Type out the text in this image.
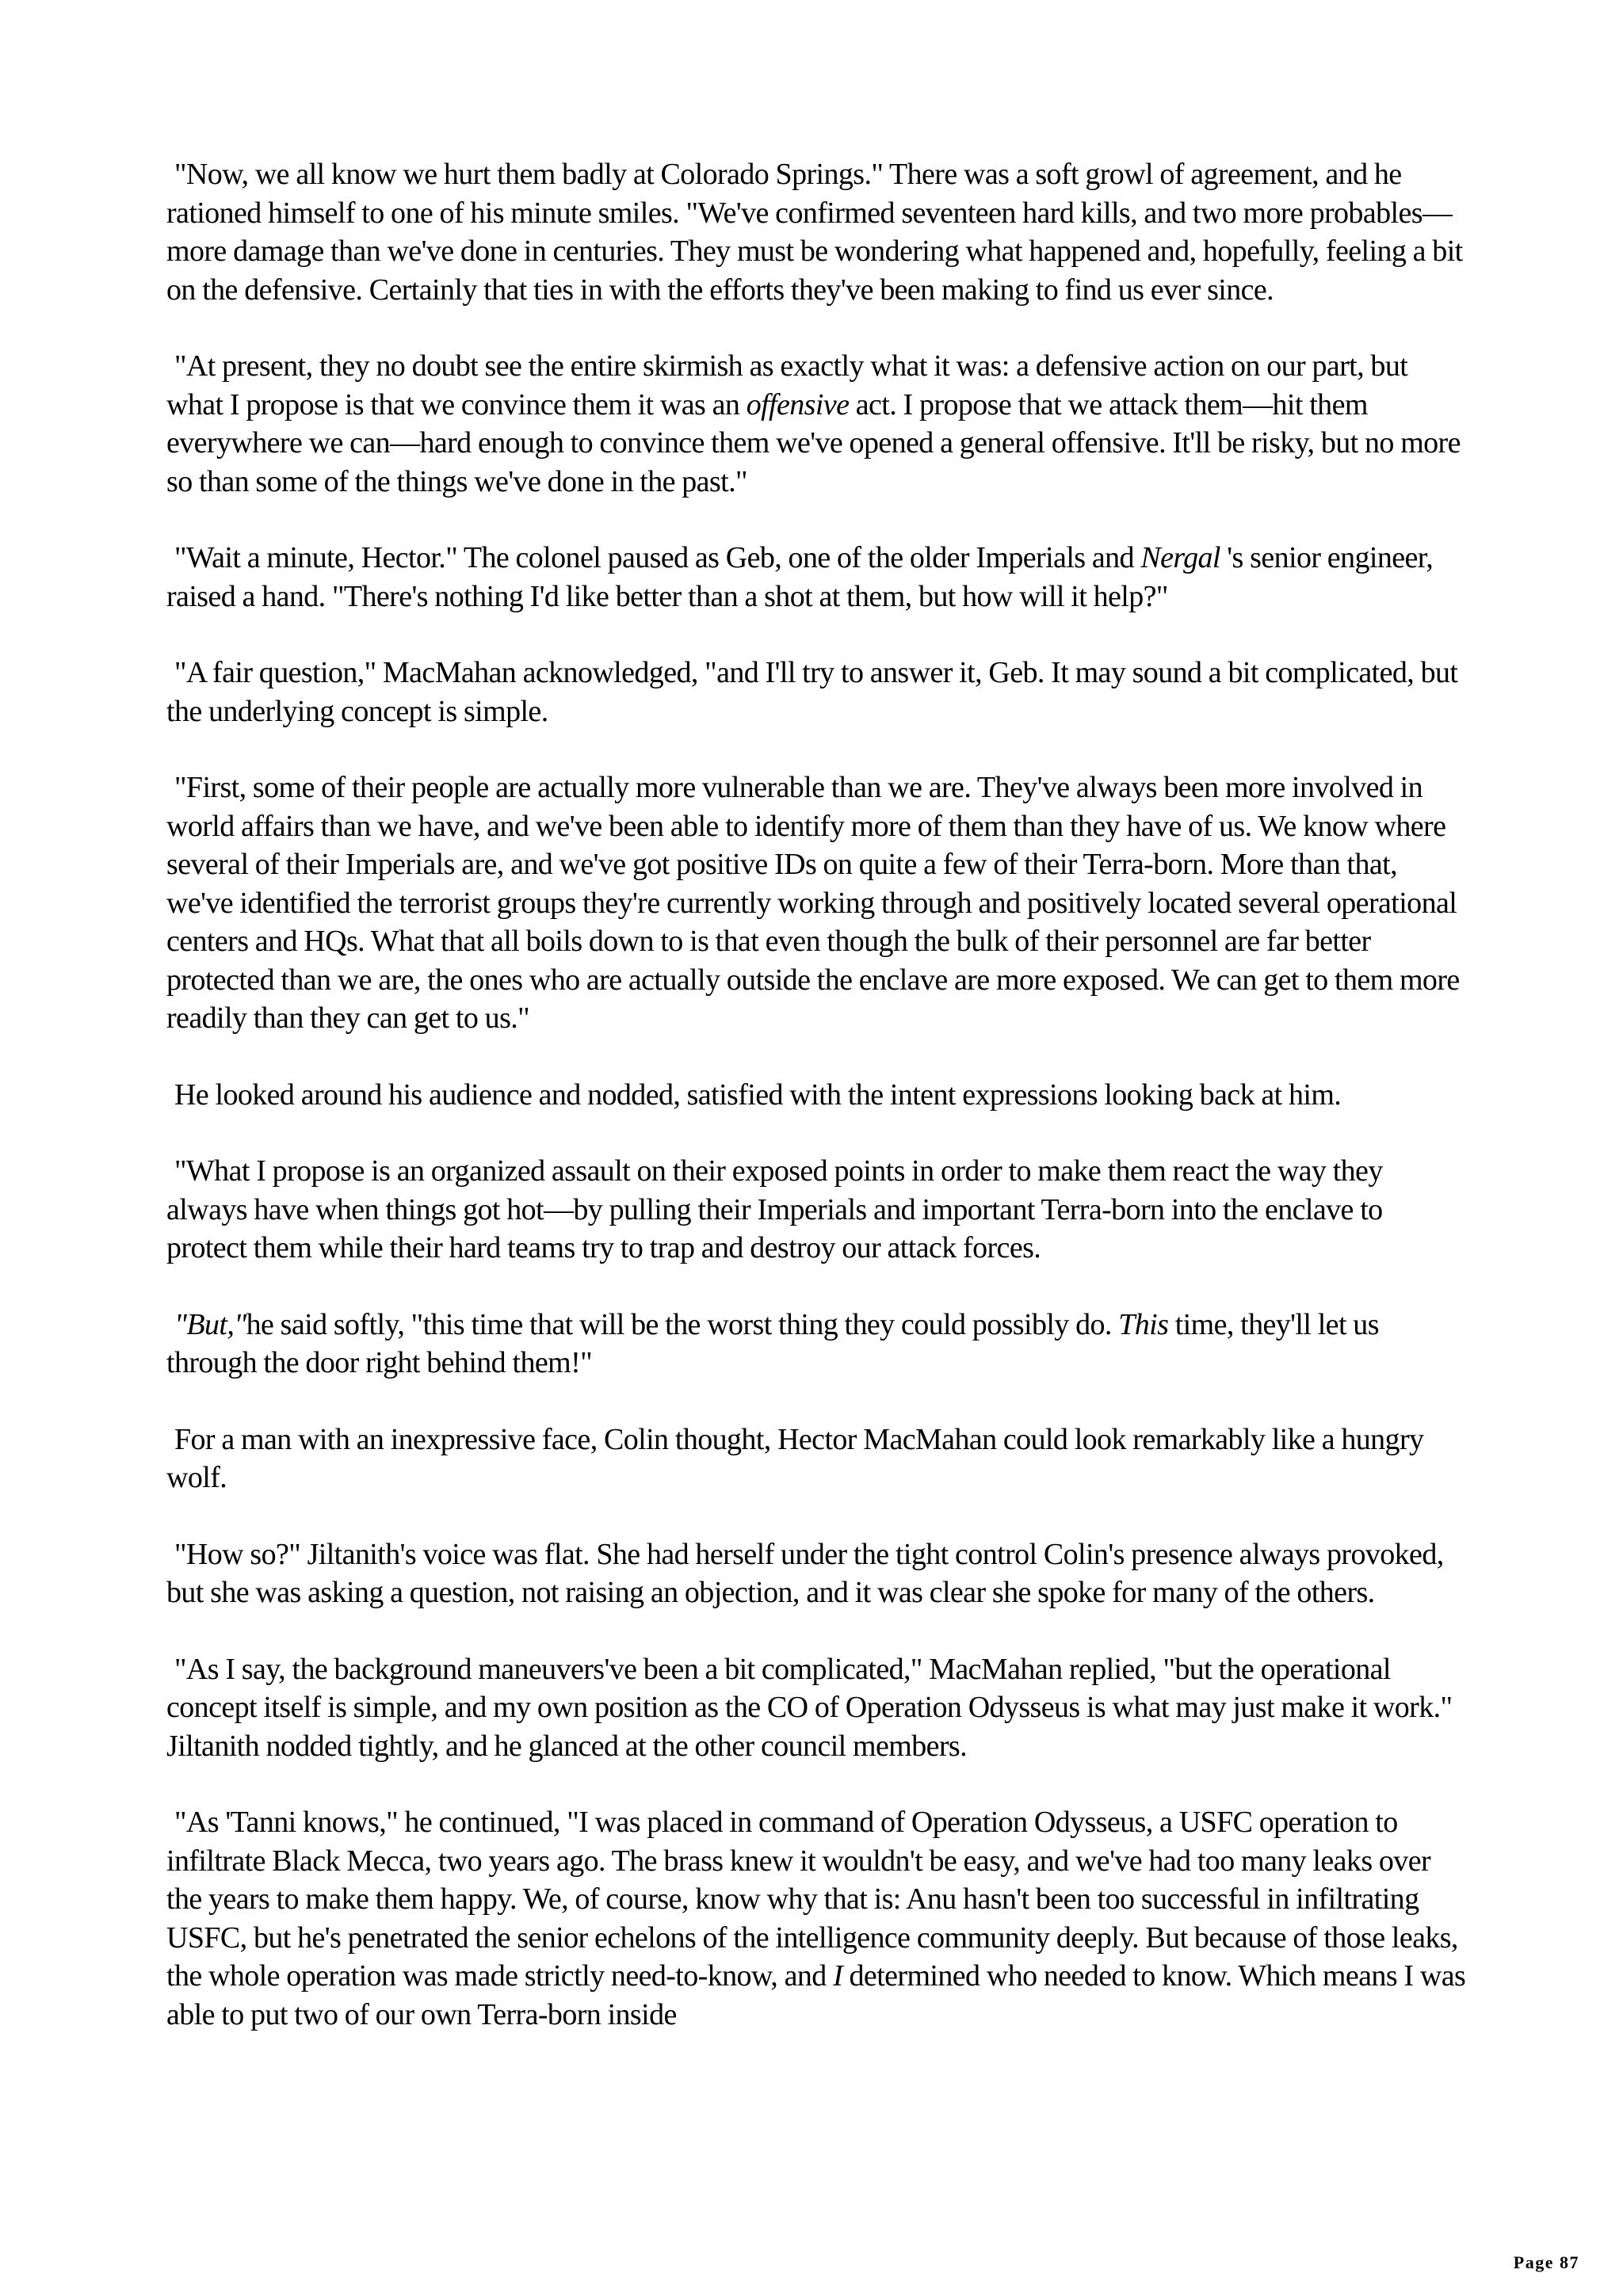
"Now, we all know we hurt them badly at Colorado Springs." There was a soft growl of agreement, and he rationed himself to one of his minute smiles. "We've confirmed seventeen hard kills, and two more probables—more damage than we've done in centuries. They must be wondering what happened and, hopefully, feeling a bit on the defensive. Certainly that ties in with the efforts they've been making to find us ever since.

"At present, they no doubt see the entire skirmish as exactly what it was: a defensive action on our part, but what I propose is that we convince them it was an offensive act. I propose that we attack them—hit them everywhere we can—hard enough to convince them we've opened a general offensive. It'll be risky, but no more so than some of the things we've done in the past."

"Wait a minute, Hector." The colonel paused as Geb, one of the older Imperials and Nergal 's senior engineer, raised a hand. "There's nothing I'd like better than a shot at them, but how will it help?"

"A fair question," MacMahan acknowledged, "and I'll try to answer it, Geb. It may sound a bit complicated, but the underlying concept is simple.

"First, some of their people are actually more vulnerable than we are. They've always been more involved in world affairs than we have, and we've been able to identify more of them than they have of us. We know where several of their Imperials are, and we've got positive IDs on quite a few of their Terra-born. More than that, we've identified the terrorist groups they're currently working through and positively located several operational centers and HQs. What that all boils down to is that even though the bulk of their personnel are far better protected than we are, the ones who are actually outside the enclave are more exposed. We can get to them more readily than they can get to us."

He looked around his audience and nodded, satisfied with the intent expressions looking back at him.

"What I propose is an organized assault on their exposed points in order to make them react the way they always have when things got hot—by pulling their Imperials and important Terra-born into the enclave to protect them while their hard teams try to trap and destroy our attack forces.

"But,"he said softly, "this time that will be the worst thing they could possibly do. This time, they'll let us through the door right behind them!"

For a man with an inexpressive face, Colin thought, Hector MacMahan could look remarkably like a hungry wolf.

"How so?" Jiltanith's voice was flat. She had herself under the tight control Colin's presence always provoked, but she was asking a question, not raising an objection, and it was clear she spoke for many of the others.

"As I say, the background maneuvers've been a bit complicated," MacMahan replied, "but the operational concept itself is simple, and my own position as the CO of Operation Odysseus is what may just make it work." Jiltanith nodded tightly, and he glanced at the other council members.

"As 'Tanni knows," he continued, "I was placed in command of Operation Odysseus, a USFC operation to infiltrate Black Mecca, two years ago. The brass knew it wouldn't be easy, and we've had too many leaks over the years to make them happy. We, of course, know why that is: Anu hasn't been too successful in infiltrating USFC, but he's penetrated the senior echelons of the intelligence community deeply. But because of those leaks, the whole operation was made strictly need-to-know, and I determined who needed to know. Which means I was able to put two of our own Terra-born inside

Page 87
